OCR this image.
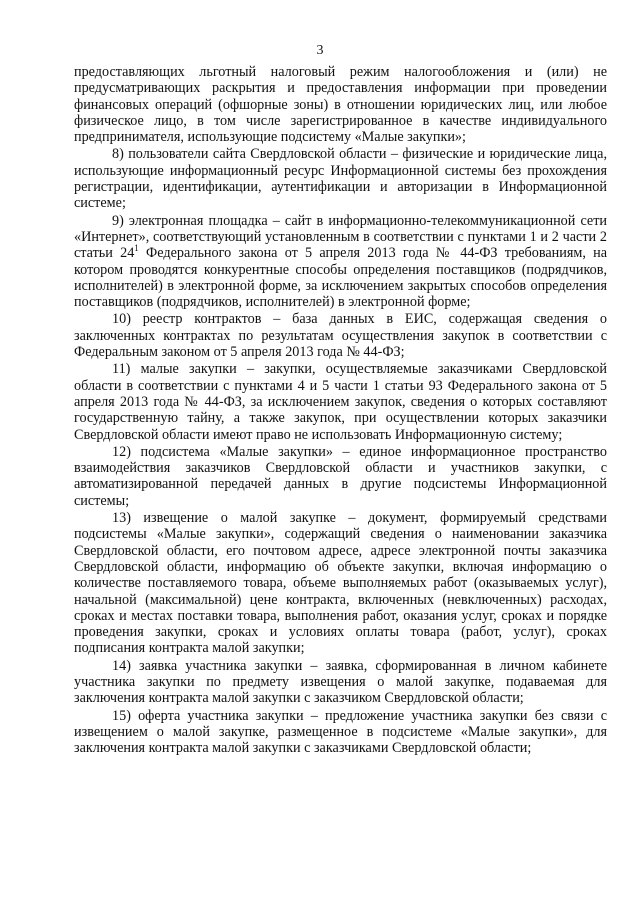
3

предоставляющих льготный налоговый режим налогообложения и (или) не предусматривающих раскрытия и предоставления информации при проведении финансовых операций (офшорные зоны) в отношении юридических лиц, или любое физическое лицо, в том числе зарегистрированное в качестве индивидуального предпринимателя, использующие подсистему «Малые закупки»;

8) пользователи сайта Свердловской области – физические и юридические лица, использующие информационный ресурс Информационной системы без прохождения регистрации, идентификации, аутентификации и авторизации в Информационной системе;

9) электронная площадка – сайт в информационно-телекоммуникационной сети «Интернет», соответствующий установленным в соответствии с пунктами 1 и 2 части 2 статьи $24^1$ Федерального закона от 5 апреля 2013 года № 44-ФЗ требованиям, на котором проводятся конкурентные способы определения поставщиков (подрядчиков, исполнителей) в электронной форме, за исключением закрытых способов определения поставщиков (подрядчиков, исполнителей) в электронной форме;

10) реестр контрактов – база данных в ЕИС, содержащая сведения о заключенных контрактах по результатам осуществления закупок в соответствии с Федеральным законом от 5 апреля 2013 года № 44-ФЗ;

11) малые закупки – закупки, осуществляемые заказчиками Свердловской области в соответствии с пунктами 4 и 5 части 1 статьи 93 Федерального закона от 5 апреля 2013 года № 44-ФЗ, за исключением закупок, сведения о которых составляют государственную тайну, а также закупок, при осуществлении которых заказчики Свердловской области имеют право не использовать Информационную систему;

12) подсистема «Малые закупки» – единое информационное пространство взаимодействия заказчиков Свердловской области и участников закупки, с автоматизированной передачей данных в другие подсистемы Информационной системы;

13) извещение о малой закупке – документ, формируемый средствами подсистемы «Малые закупки», содержащий сведения о наименовании заказчика Свердловской области, его почтовом адресе, адресе электронной почты заказчика Свердловской области, информацию об объекте закупки, включая информацию о количестве поставляемого товара, объеме выполняемых работ (оказываемых услуг), начальной (максимальной) цене контракта, включенных (невключенных) расходах, сроках и местах поставки товара, выполнения работ, оказания услуг, сроках и порядке проведения закупки, сроках и условиях оплаты товара (работ, услуг), сроках подписания контракта малой закупки;

14) заявка участника закупки – заявка, сформированная в личном кабинете участника закупки по предмету извещения о малой закупке, подаваемая для заключения контракта малой закупки с заказчиком Свердловской области;

15) оферта участника закупки – предложение участника закупки без связи с извещением о малой закупке, размещенное в подсистеме «Малые закупки», для заключения контракта малой закупки с заказчиками Свердловской области;
